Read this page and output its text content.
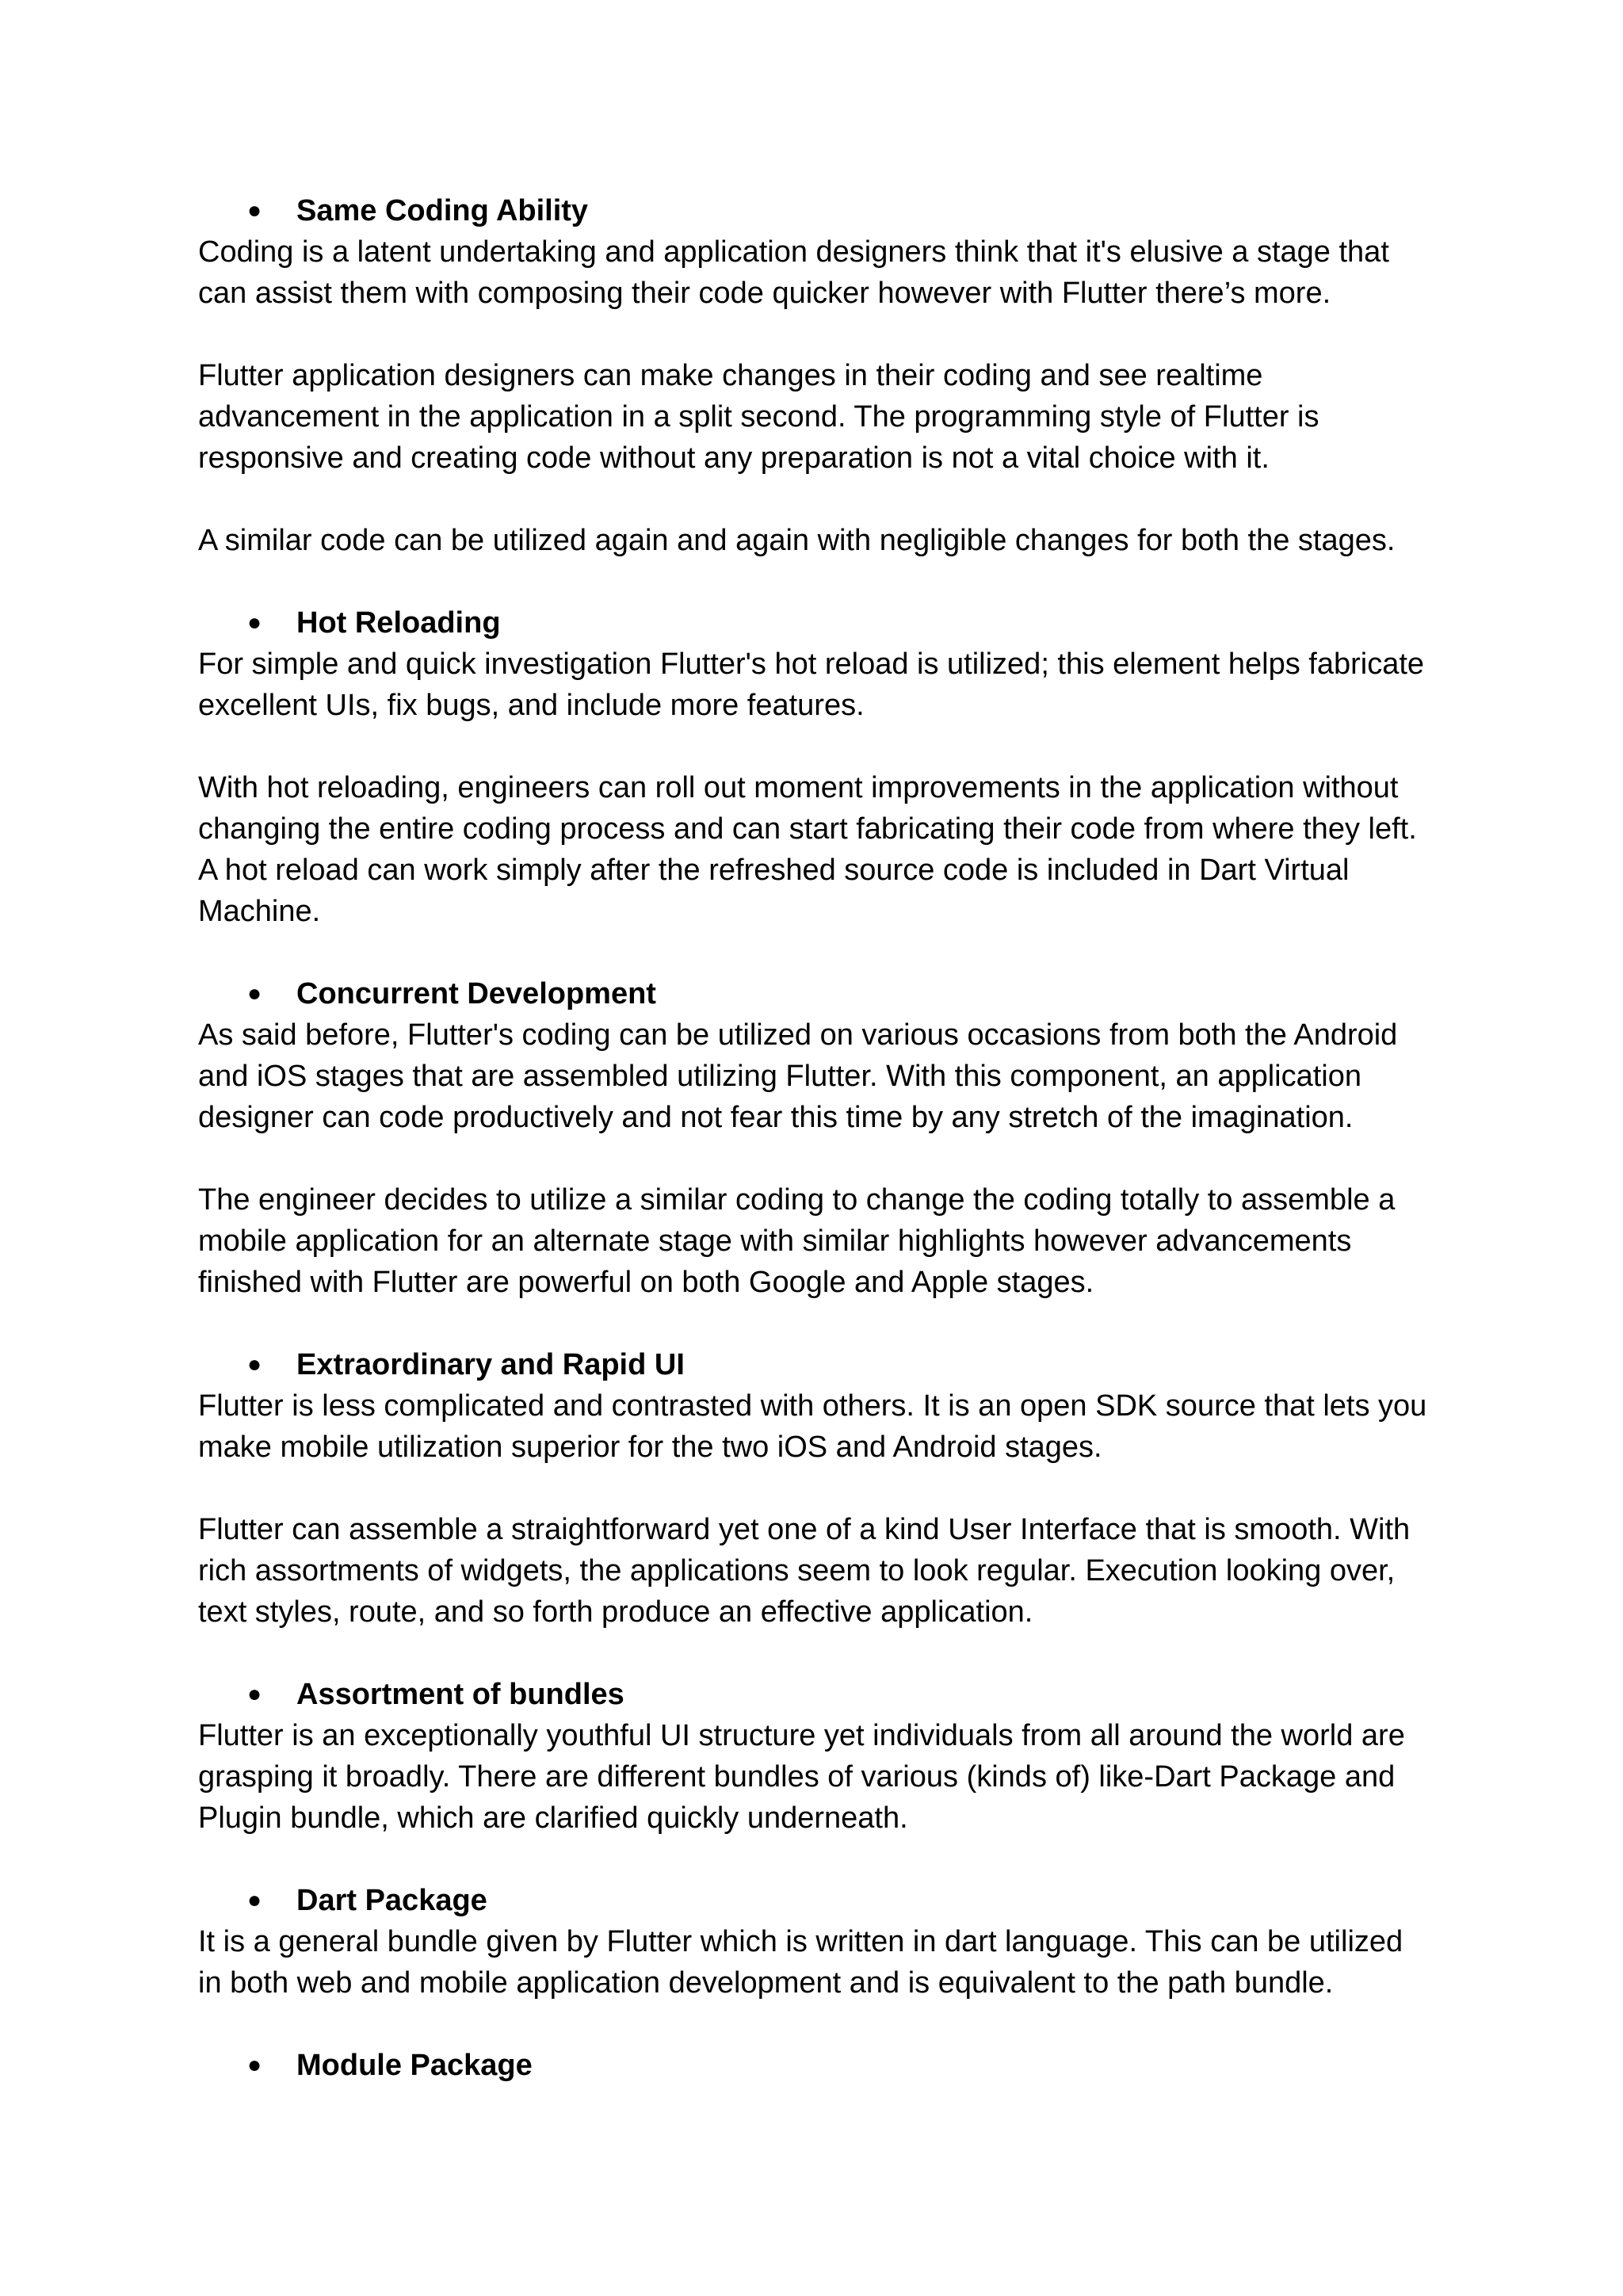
● Same Coding Ability

Coding is a latent undertaking and application designers think that it's elusive a stage that
can assist them with composing their code quicker however with Flutter there’s more.

Flutter application designers can make changes in their coding and see realtime
advancement in the application in a split second. The programming style of Flutter is
responsive and creating code without any preparation is not a vital choice with it.

A similar code can be utilized again and again with negligible changes for both the stages.

● Hot Reloading

For simple and quick investigation Flutter's hot reload is utilized; this element helps fabricate
excellent UIs, fix bugs, and include more features.

With hot reloading, engineers can roll out moment improvements in the application without
changing the entire coding process and can start fabricating their code from where they left.
A hot reload can work simply after the refreshed source code is included in Dart Virtual
Machine.

● Concurrent Development

As said before, Flutter's coding can be utilized on various occasions from both the Android
and iOS stages that are assembled utilizing Flutter. With this component, an application
designer can code productively and not fear this time by any stretch of the imagination.

The engineer decides to utilize a similar coding to change the coding totally to assemble a
mobile application for an alternate stage with similar highlights however advancements
finished with Flutter are powerful on both Google and Apple stages.

● Extraordinary and Rapid UI

Flutter is less complicated and contrasted with others. It is an open SDK source that lets you
make mobile utilization superior for the two iOS and Android stages.

Flutter can assemble a straightforward yet one of a kind User Interface that is smooth. With
rich assortments of widgets, the applications seem to look regular. Execution looking over,
text styles, route, and so forth produce an effective application.

● Assortment of bundles

Flutter is an exceptionally youthful UI structure yet individuals from all around the world are
grasping it broadly. There are different bundles of various (kinds of) like-Dart Package and
Plugin bundle, which are clarified quickly underneath.

● Dart Package

It is a general bundle given by Flutter which is written in dart language. This can be utilized
in both web and mobile application development and is equivalent to the path bundle.

● Module Package
